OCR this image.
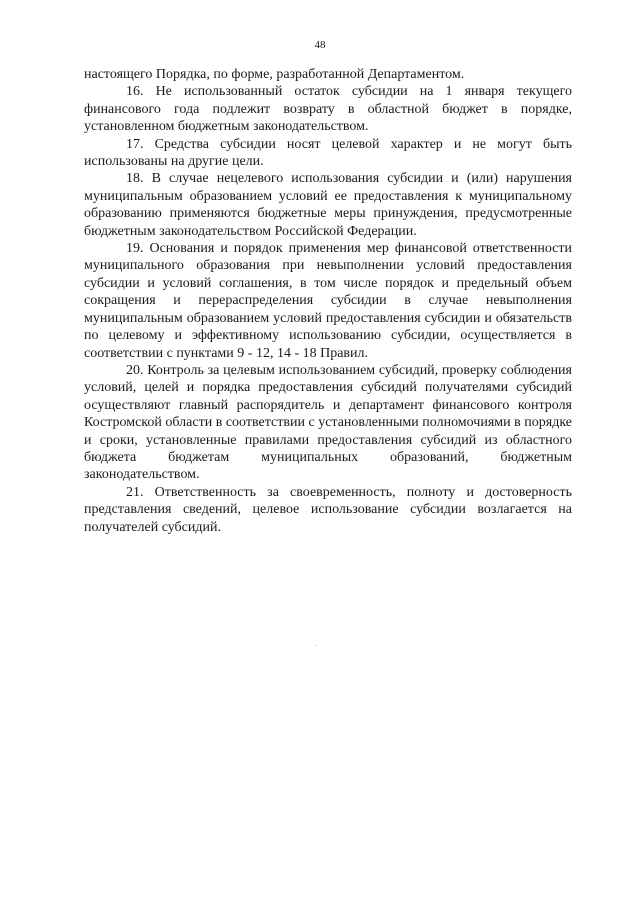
48

настоящего Порядка, по форме, разработанной Департаментом.

16. Не использованный остаток субсидии на 1 января текущего финансового года подлежит возврату в областной бюджет в порядке, установленном бюджетным законодательством.

17. Средства субсидии носят целевой характер и не могут быть использованы на другие цели.

18. В случае нецелевого использования субсидии и (или) нарушения муниципальным образованием условий ее предоставления к муниципальному образованию применяются бюджетные меры принуждения, предусмотренные бюджетным законодательством Российской Федерации.

19. Основания и порядок применения мер финансовой ответственности муниципального образования при невыполнении условий предоставления субсидии и условий соглашения, в том числе порядок и предельный объем сокращения и перераспределения субсидии в случае невыполнения муниципальным образованием условий предоставления субсидии и обязательств по целевому и эффективному использованию субсидии, осуществляется в соответствии с пунктами 9 - 12, 14 - 18 Правил.

20. Контроль за целевым использованием субсидий, проверку соблюдения условий, целей и порядка предоставления субсидий получателями субсидий осуществляют главный распорядитель и департамент финансового контроля Костромской области в соответствии с установленными полномочиями в порядке и сроки, установленные правилами предоставления субсидий из областного бюджета бюджетам муниципальных образований, бюджетным законодательством.

21. Ответственность за своевременность, полноту и достоверность представления сведений, целевое использование субсидии возлагается на получателей субсидий.
